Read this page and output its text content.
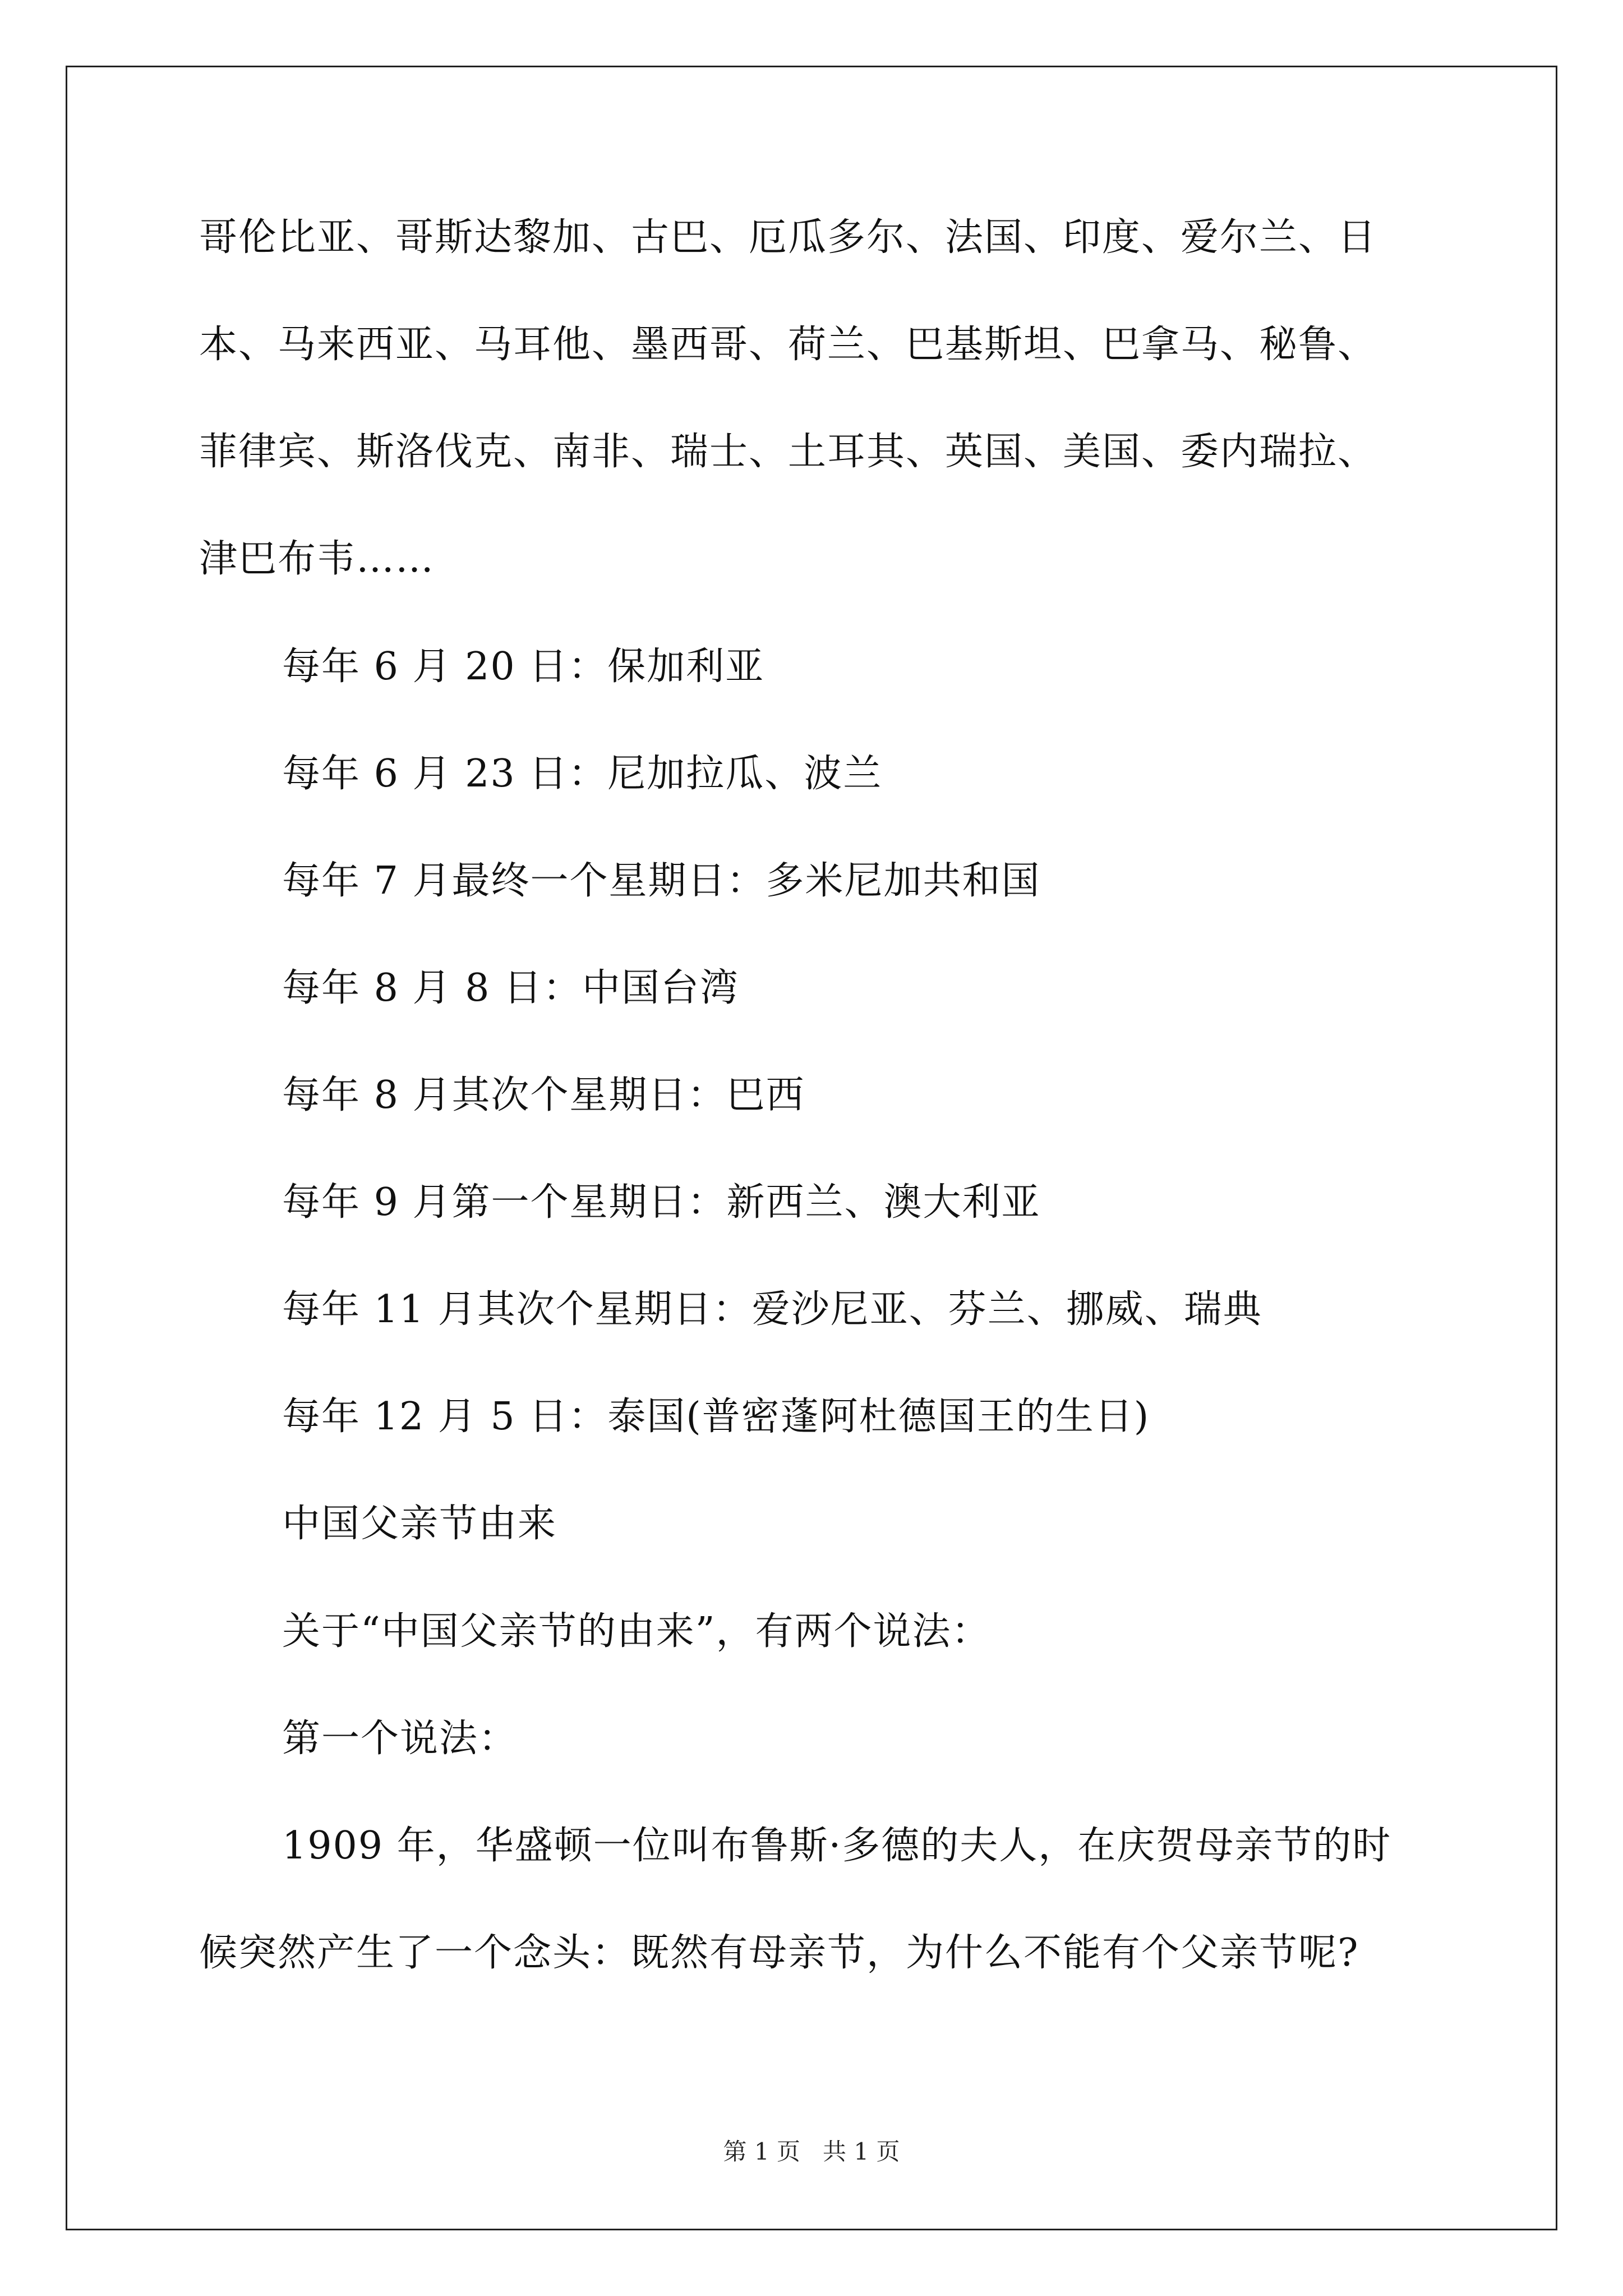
哥伦比亚、哥斯达黎加、古巴、厄瓜多尔、法国、印度、爱尔兰、日
本、马来西亚、马耳他、墨西哥、荷兰、巴基斯坦、巴拿马、秘鲁、
菲律宾、斯洛伐克、南非、瑞士、土耳其、英国、美国、委内瑞拉、
津巴布韦……
每年 6 月 20 日：保加利亚
每年 6 月 23 日：尼加拉瓜、波兰
每年 7 月最终一个星期日：多米尼加共和国
每年 8 月 8 日：中国台湾
每年 8 月其次个星期日：巴西
每年 9 月第一个星期日：新西兰、澳大利亚
每年 11 月其次个星期日：爱沙尼亚、芬兰、挪威、瑞典
每年 12 月 5 日：泰国(普密蓬阿杜德国王的生日)
中国父亲节由来
关于“中国父亲节的由来”，有两个说法：
第一个说法：
1909 年，华盛顿一位叫布鲁斯·多德的夫人，在庆贺母亲节的时
候突然产生了一个念头：既然有母亲节，为什么不能有个父亲节呢?
第 1 页   共 1 页
